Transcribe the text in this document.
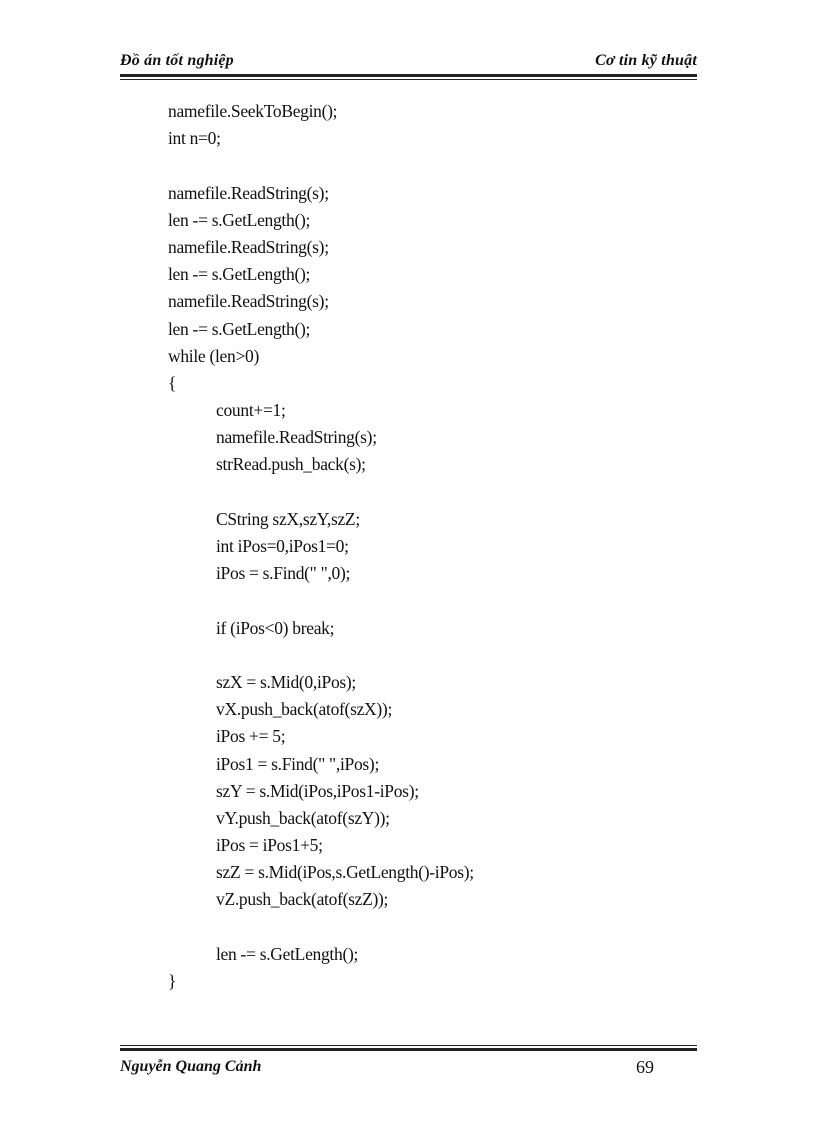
Đồ án tốt nghiệp	Cơ tin kỹ thuật
namefile.SeekToBegin();
int n=0;
namefile.ReadString(s);
len -= s.GetLength();
namefile.ReadString(s);
len -= s.GetLength();
namefile.ReadString(s);
len -= s.GetLength();
while (len>0)
{
count+=1;
namefile.ReadString(s);
strRead.push_back(s);
CString szX,szY,szZ;
int iPos=0,iPos1=0;
iPos = s.Find(" ",0);
if (iPos<0) break;
szX = s.Mid(0,iPos);
vX.push_back(atof(szX));
iPos += 5;
iPos1 = s.Find(" ",iPos);
szY = s.Mid(iPos,iPos1-iPos);
vY.push_back(atof(szY));
iPos = iPos1+5;
szZ = s.Mid(iPos,s.GetLength()-iPos);
vZ.push_back(atof(szZ));
len -= s.GetLength();
}
Nguyễn Quang Cảnh	69
